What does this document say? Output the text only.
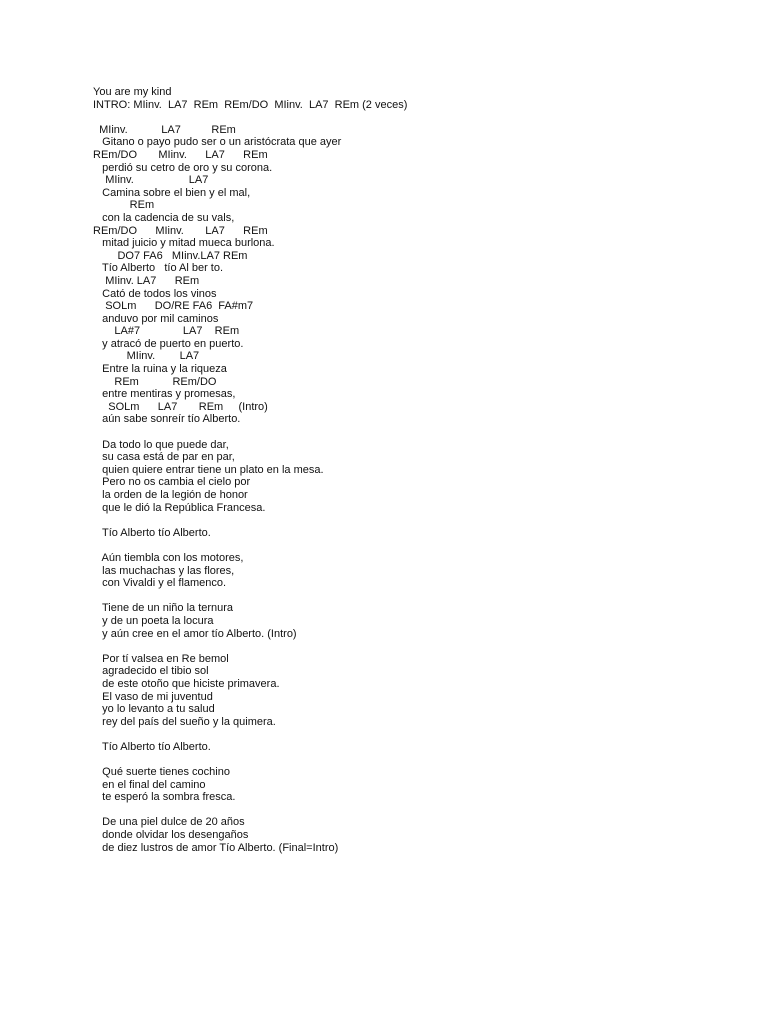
You are my kind
INTRO: MIinv.  LA7  REm  REm/DO  MIinv.  LA7  REm (2 veces)
MIinv.           LA7          REm
Gitano o payo pudo ser o un aristócrata que ayer
REm/DO       MIinv.      LA7      REm
perdió su cetro de oro y su corona.
MIinv.                  LA7
Camina sobre el bien y el mal,
REm
con la cadencia de su vals,
REm/DO      MIinv.       LA7      REm
mitad juicio y mitad mueca burlona.
DO7 FA6   MIinv.LA7 REm
Tío Alberto   tío Al ber to.
MIinv. LA7      REm
Cató de todos los vinos
SOLm      DO/RE FA6  FA#m7
anduvo por mil caminos
LA#7              LA7    REm
y atracó de puerto en puerto.
MIinv.        LA7
Entre la ruina y la riqueza
REm           REm/DO
entre mentiras y promesas,
SOLm      LA7       REm     (Intro)
aún sabe sonreír tío Alberto.
Da todo lo que puede dar,
su casa está de par en par,
quien quiere entrar tiene un plato en la mesa.
Pero no os cambia el cielo por
la orden de la legión de honor
que le dió la República Francesa.
Tío Alberto tío Alberto.
Aún tiembla con los motores,
las muchachas y las flores,
con Vivaldi y el flamenco.
Tiene de un niño la ternura
y de un poeta la locura
y aún cree en el amor tío Alberto. (Intro)
Por tí valsea en Re bemol
agradecido el tibio sol
de este otoño que hiciste primavera.
El vaso de mi juventud
yo lo levanto a tu salud
rey del país del sueño y la quimera.
Tío Alberto tío Alberto.
Qué suerte tienes cochino
en el final del camino
te esperó la sombra fresca.
De una piel dulce de 20 años
donde olvidar los desengaños
de diez lustros de amor Tío Alberto. (Final=Intro)
